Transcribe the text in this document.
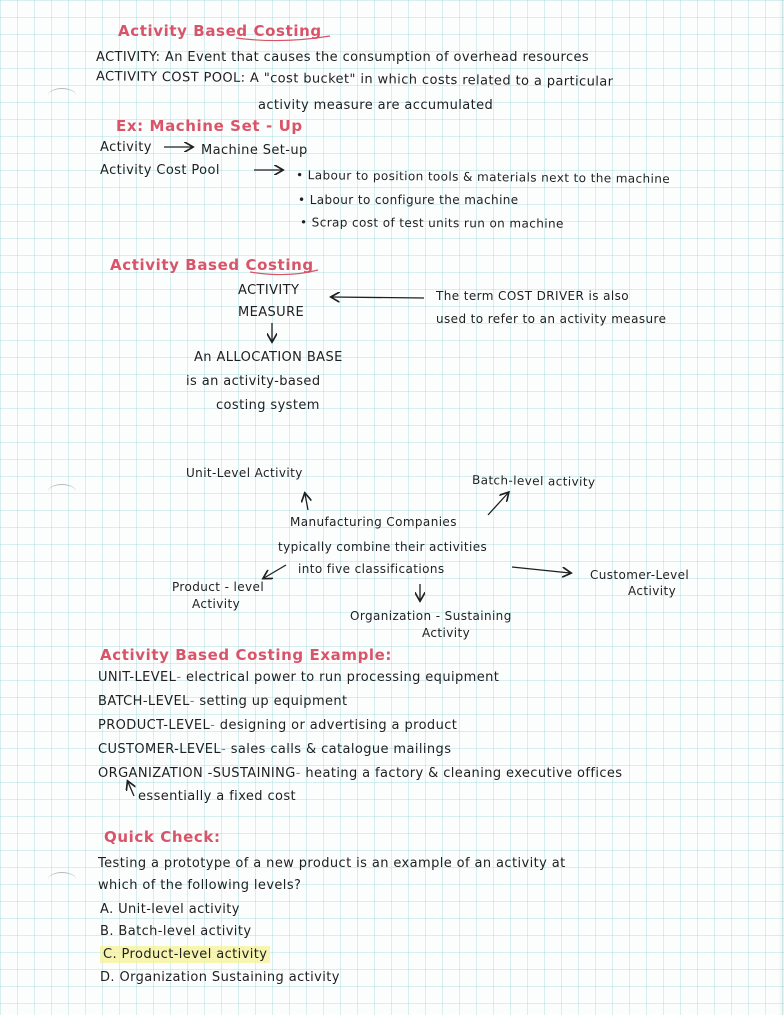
Activity Based Costing
ACTIVITY: An Event that causes the consumption of overhead resources
ACTIVITY COST POOL: A "cost bucket" in which costs related to a particular
activity measure are accumulated
Ex: Machine Set - Up
Activity	Machine Set-up
Activity Cost Pool	• Labour to position tools & materials next to the machine
• Labour to configure the machine
• Scrap cost of test units run on machine
Activity Based Costing
ACTIVITY
MEASURE
The term COST DRIVER is also
used to refer to an activity measure
An ALLOCATION BASE
is an activity-based
costing system
Unit-Level Activity	Batch-level activity
Manufacturing Companies
typically combine their activities
into five classifications	Customer-Level
Activity
Product - level
Activity
Organization - Sustaining
Activity
Activity Based Costing Example:
UNIT-LEVEL‑ electrical power to run processing equipment
BATCH-LEVEL‑ setting up equipment
PRODUCT-LEVEL‑ designing or advertising a product
CUSTOMER-LEVEL‑ sales calls & catalogue mailings
ORGANIZATION -SUSTAINING‑ heating a factory & cleaning executive offices
essentially a fixed cost
Quick Check:
Testing a prototype of a new product is an example of an activity at
which of the following levels?
A. Unit-level activity
B. Batch-level activity
C. Product-level activity
D. Organization Sustaining activity
